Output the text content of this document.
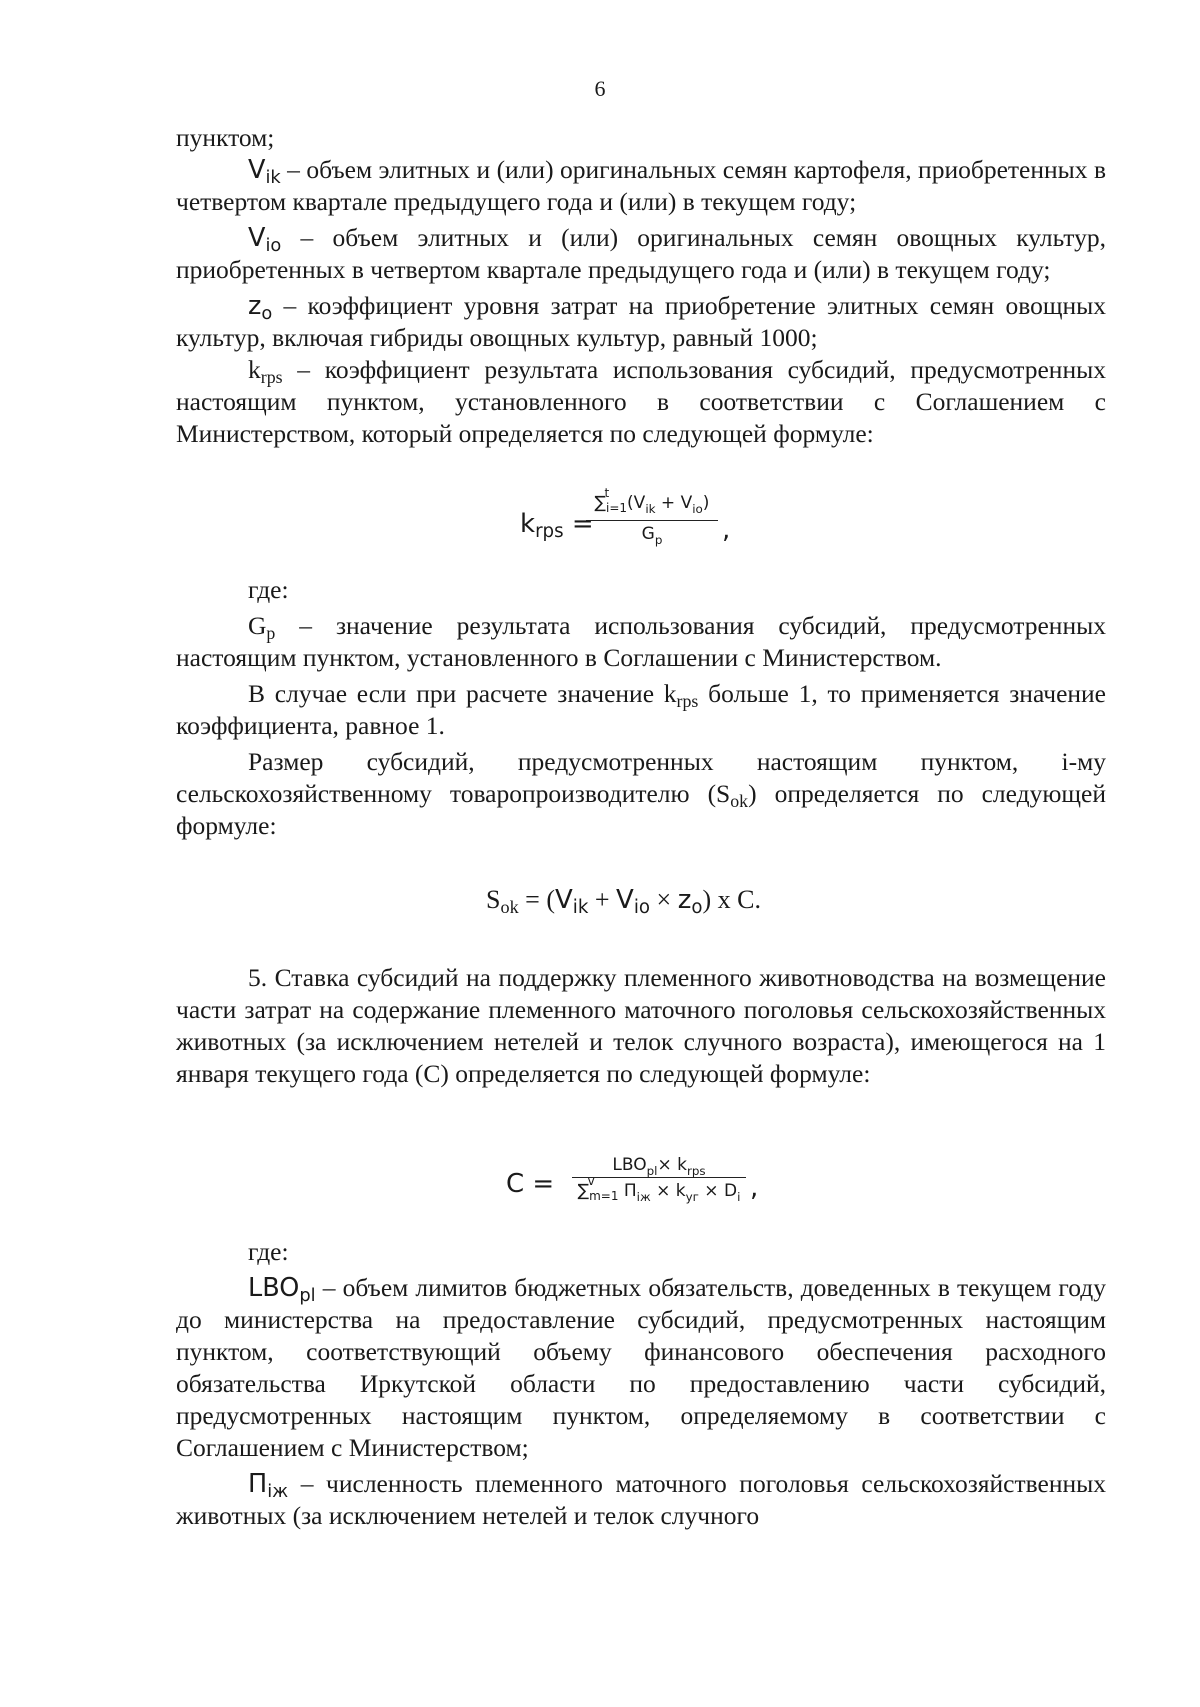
6

пунктом;

$V_{ik}$ – объем элитных и (или) оригинальных семян картофеля, приобретенных в четвертом квартале предыдущего года и (или) в текущем году;

$V_{io}$ – объем элитных и (или) оригинальных семян овощных культур, приобретенных в четвертом квартале предыдущего года и (или) в текущем году;

$z_o$ – коэффициент уровня затрат на приобретение элитных семян овощных культур, включая гибриды овощных культур, равный 1000;

$k_{rps}$ – коэффициент результата использования субсидий, предусмотренных настоящим пунктом, установленного в соответствии с Соглашением с Министерством, который определяется по следующей формуле:

$k_{rps}$ =
∑
t
$_{i=1}(V_{ik} + V_{io})$
$G_p$	,

где:

$G_p$ – значение результата использования субсидий, предусмотренных настоящим пунктом, установленного в Соглашении с Министерством.

В случае если при расчете значение $k_{rps}$ больше 1, то применяется значение коэффициента, равное 1.

Размер субсидий, предусмотренных настоящим пунктом, i-му сельскохозяйственному товаропроизводителю $(S_{ok})$ определяется по следующей формуле:

$S_{ok} = (V_{ik} + V_{io} \times z_o)$ x C.

5. Ставка субсидий на поддержку племенного животноводства на возмещение части затрат на содержание племенного маточного поголовья сельскохозяйственных животных (за исключением нетелей и телок случного возраста), имеющегося на 1 января текущего года (С) определяется по следующей формуле:

C =
$LBO_{pl}\times k_{rps}$
∑
v
$_{m=1}$ $П_{iж} \times k_{уг} \times D_i$ ,

где:

$LBO_{pl}$ – объем лимитов бюджетных обязательств, доведенных в текущем году до министерства на предоставление субсидий, предусмотренных настоящим пунктом, соответствующий объему финансового обеспечения расходного обязательства Иркутской области по предоставлению части субсидий, предусмотренных настоящим пунктом, определяемому в соответствии с Соглашением с Министерством;

$П_{iж}$ – численность племенного маточного поголовья сельскохозяйственных животных (за исключением нетелей и телок случного
